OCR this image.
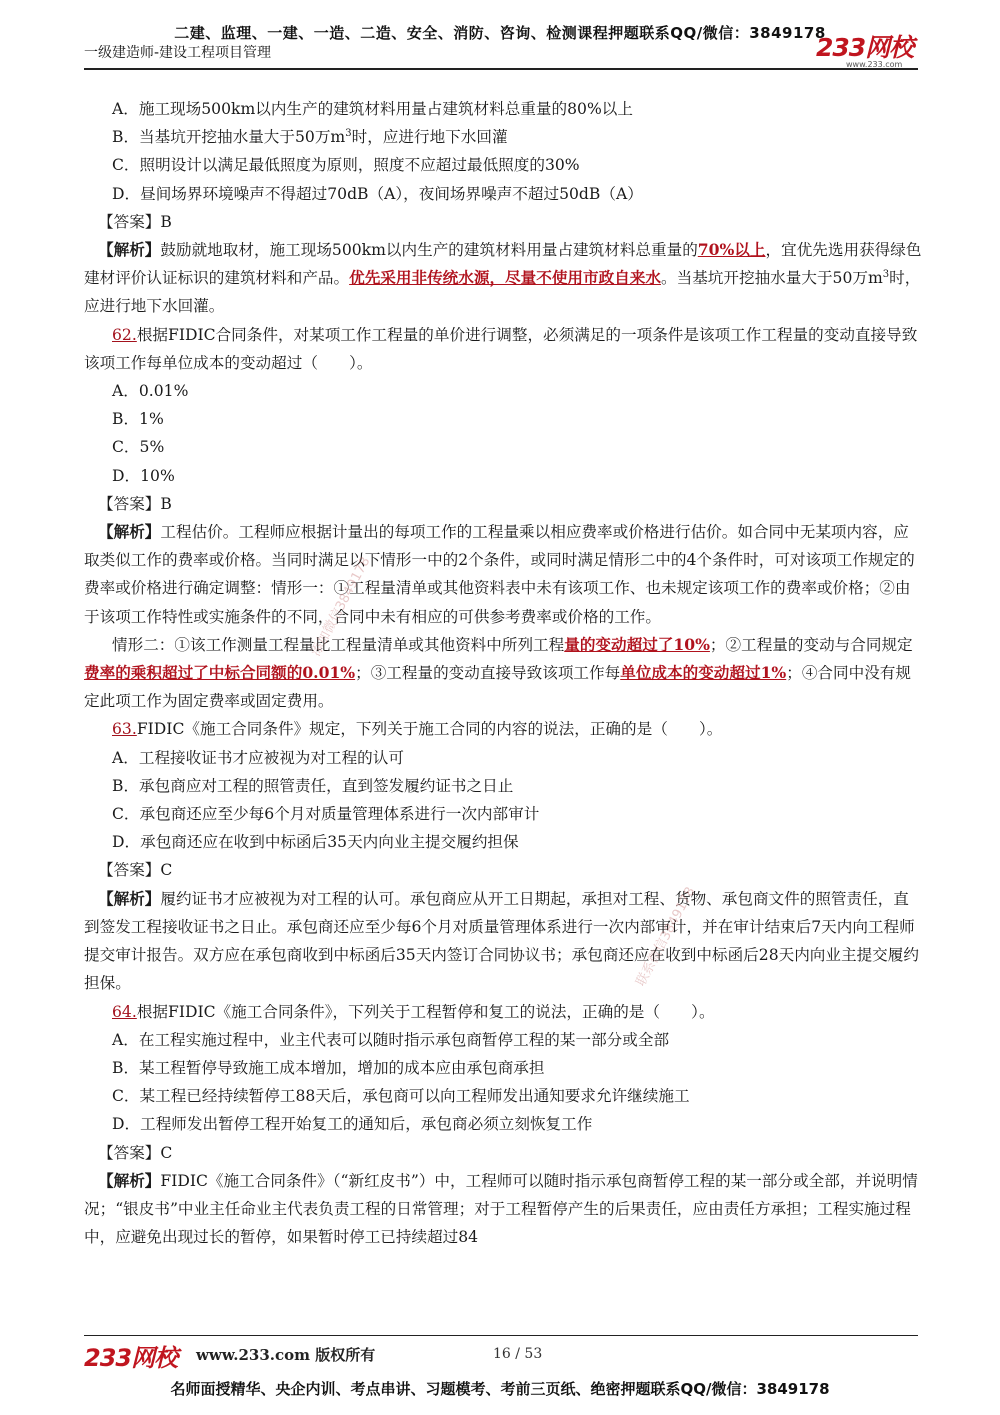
二建、监理、一建、一造、二造、安全、消防、咨询、检测课程押题联系QQ/微信：3849178
一级建造师-建设工程项目管理	233网校
www.233.com

A．施工现场500km以内生产的建筑材料用量占建筑材料总重量的80%以上

B．当基坑开挖抽水量大于50万$m^3$时，应进行地下水回灌

C．照明设计以满足最低照度为原则，照度不应超过最低照度的30%

D．昼间场界环境噪声不得超过70dB（A），夜间场界噪声不超过50dB（A）

【答案】B

【解析】鼓励就地取材，施工现场500km以内生产的建筑材料用量占建筑材料总重量的70%以上，宜优先选用获得绿色建材评价认证标识的建筑材料和产品。优先采用非传统水源，尽量不使用市政自来水。当基坑开挖抽水量大于50万$m^3$时，应进行地下水回灌。

62.根据FIDIC合同条件，对某项工作工程量的单价进行调整，必须满足的一项条件是该项工作工程量的变动直接导致该项工作每单位成本的变动超过（　　）。

A．0.01%

B．1%

C．5%

D．10%

【答案】B

【解析】工程估价。工程师应根据计量出的每项工作的工程量乘以相应费率或价格进行估价。如合同中无某项内容，应取类似工作的费率或价格。当同时满足以下情形一中的2个条件，或同时满足情形二中的4个条件时，可对该项工作规定的费率或价格进行确定调整：情形一：①工程量清单或其他资料表中未有该项工作、也未规定该项工作的费率或价格；②由于该项工作特性或实施条件的不同，合同中未有相应的可供参考费率或价格的工作。

情形二：①该工作测量工程量比工程量清单或其他资料中所列工程量的变动超过了10%；②工程量的变动与合同规定费率的乘积超过了中标合同额的0.01%；③工程量的变动直接导致该项工作每单位成本的变动超过1%；④合同中没有规定此项工作为固定费率或固定费用。

63.FIDIC《施工合同条件》规定，下列关于施工合同的内容的说法，正确的是（　　）。

A．工程接收证书才应被视为对工程的认可

B．承包商应对工程的照管责任，直到签发履约证书之日止

C．承包商还应至少每6个月对质量管理体系进行一次内部审计

D．承包商还应在收到中标函后35天内向业主提交履约担保

【答案】C

【解析】履约证书才应被视为对工程的认可。承包商应从开工日期起，承担对工程、货物、承包商文件的照管责任，直到签发工程接收证书之日止。承包商还应至少每6个月对质量管理体系进行一次内部审计，并在审计结束后7天内向工程师提交审计报告。双方应在承包商收到中标函后35天内签订合同协议书；承包商还应在收到中标函后28天内向业主提交履约担保。

64.根据FIDIC《施工合同条件》，下列关于工程暂停和复工的说法，正确的是（　　）。

A．在工程实施过程中，业主代表可以随时指示承包商暂停工程的某一部分或全部

B．某工程暂停导致施工成本增加，增加的成本应由承包商承担

C．某工程已经持续暂停工88天后，承包商可以向工程师发出通知要求允许继续施工

D．工程师发出暂停工程开始复工的通知后，承包商必须立刻恢复工作

【答案】C

【解析】FIDIC《施工合同条件》（“新红皮书”）中，工程师可以随时指示承包商暂停工程的某一部分或全部，并说明情况；“银皮书”中业主任命业主代表负责工程的日常管理；对于工程暂停产生的后果责任，应由责任方承担；工程实施过程中，应避免出现过长的暂停，如果暂时停工已持续超过84

添加微信3849178
联系微信3849178
233网校 www.233.com 版权所有	16 / 53
名师面授精华、央企内训、考点串讲、习题模考、考前三页纸、绝密押题联系QQ/微信：3849178
